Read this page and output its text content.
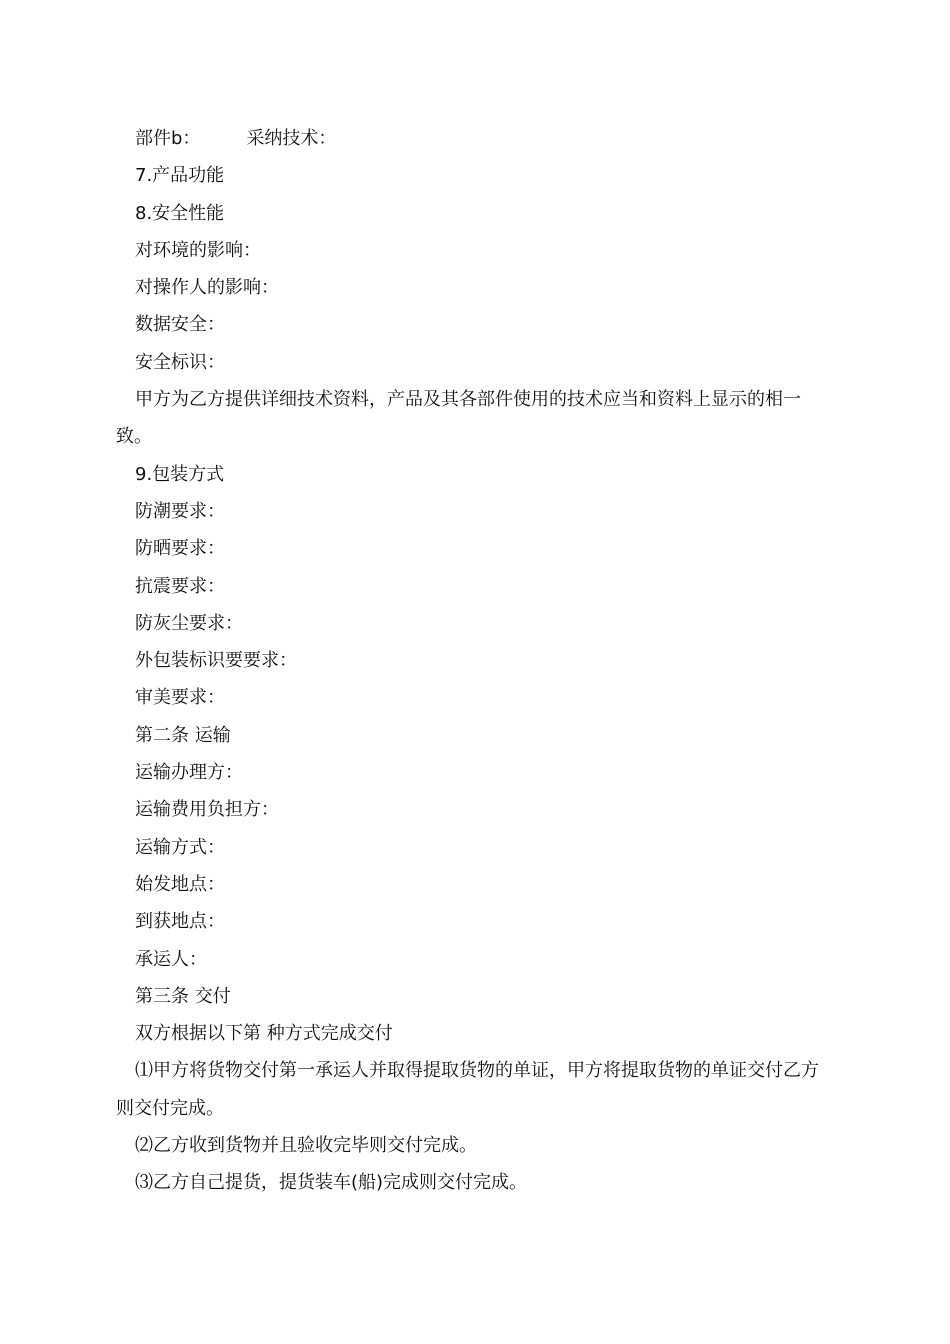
部件b：	采纳技术：
7.产品功能
8.安全性能
对环境的影响：
对操作人的影响：
数据安全：
安全标识：
甲方为乙方提供详细技术资料，产品及其各部件使用的技术应当和资料上显示的相一致。
9.包装方式
防潮要求：
防晒要求：
抗震要求：
防灰尘要求：
外包装标识要要求：
审美要求：
第二条 运输
运输办理方：
运输费用负担方：
运输方式：
始发地点：
到获地点：
承运人：
第三条 交付
双方根据以下第 种方式完成交付
⑴甲方将货物交付第一承运人并取得提取货物的单证，甲方将提取货物的单证交付乙方则交付完成。
⑵乙方收到货物并且验收完毕则交付完成。
⑶乙方自己提货，提货装车(船)完成则交付完成。
